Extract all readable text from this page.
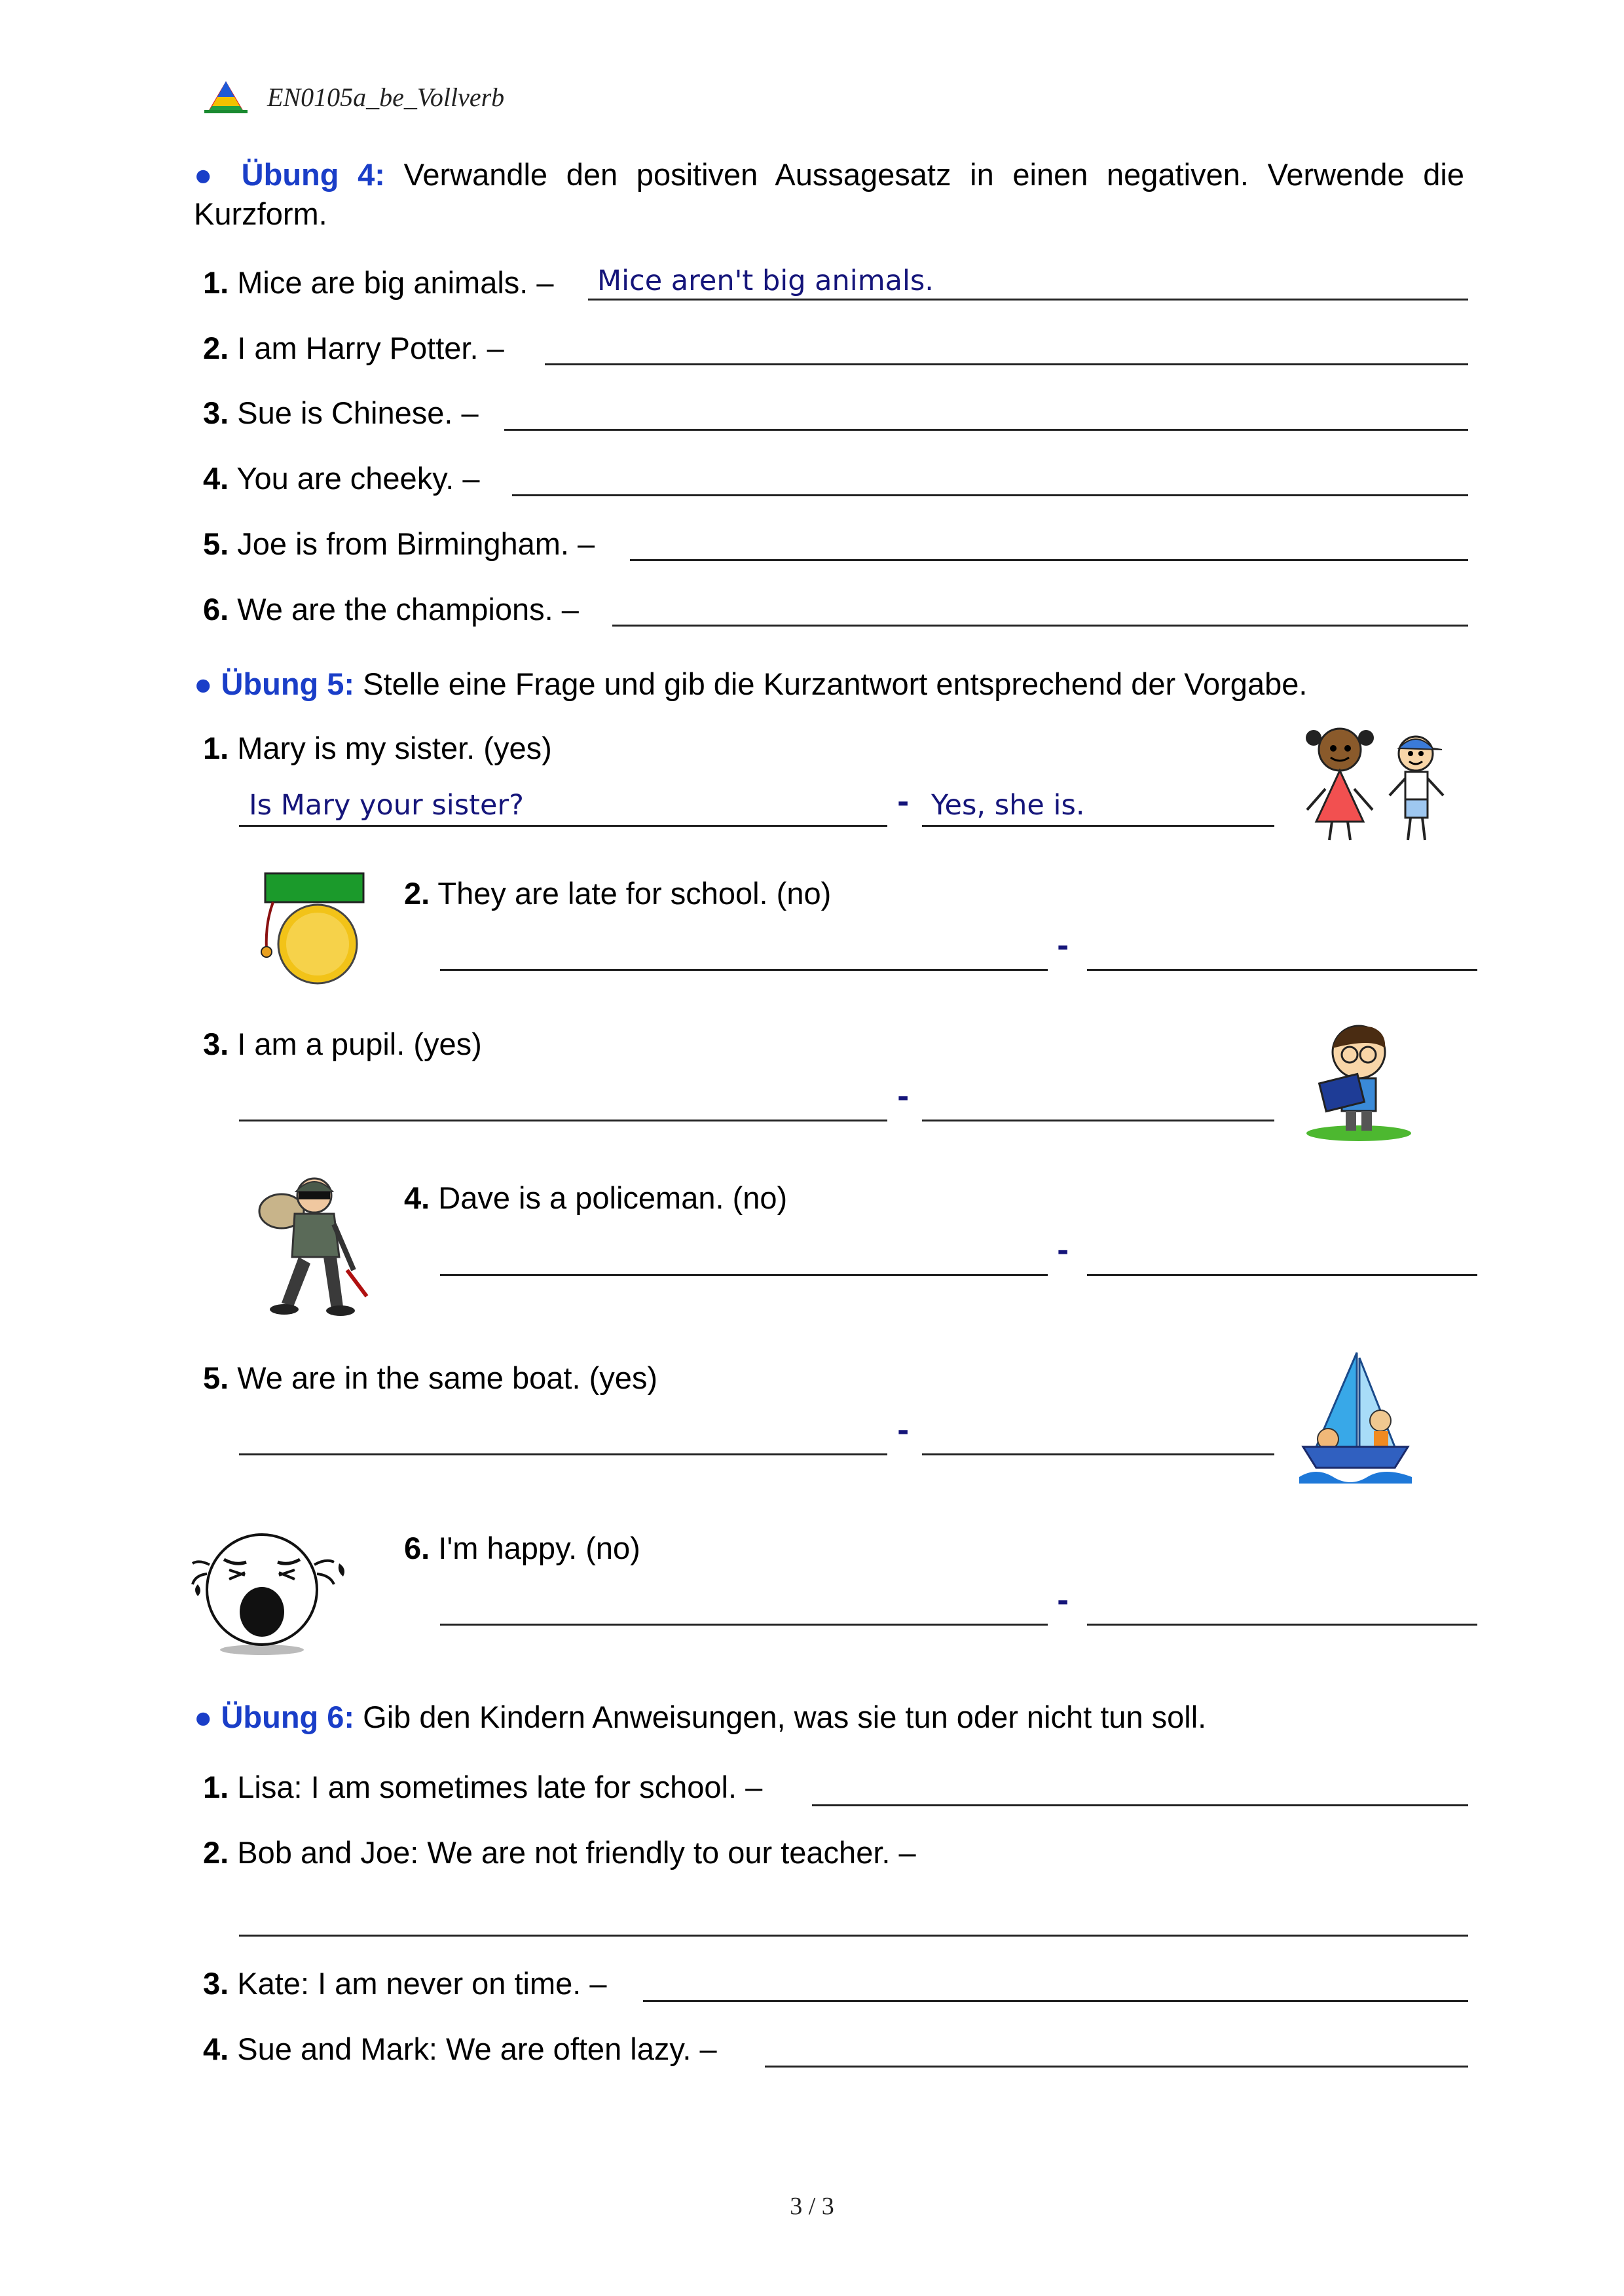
EN0105a_be_Vollverb
● Übung 4: Verwandle den positiven Aussagesatz in einen negativen. Verwende die Kurzform.
1. Mice are big animals. – Mice aren't big animals.
2. I am Harry Potter. –
3. Sue is Chinese. –
4. You are cheeky. –
5. Joe is from Birmingham. –
6. We are the champions. –
● Übung 5: Stelle eine Frage und gib die Kurzantwort entsprechend der Vorgabe.
1. Mary is my sister. (yes)
Is Mary your sister?	- Yes, she is.
2. They are late for school. (no)
-
3. I am a pupil. (yes)
-
4. Dave is a policeman. (no)
-
5. We are in the same boat. (yes)
-
6. I'm happy. (no)
-
● Übung 6: Gib den Kindern Anweisungen, was sie tun oder nicht tun soll.
1. Lisa: I am sometimes late for school. –
2. Bob and Joe: We are not friendly to our teacher. –
3. Kate: I am never on time. –
4. Sue and Mark: We are often lazy. –
3 / 3
